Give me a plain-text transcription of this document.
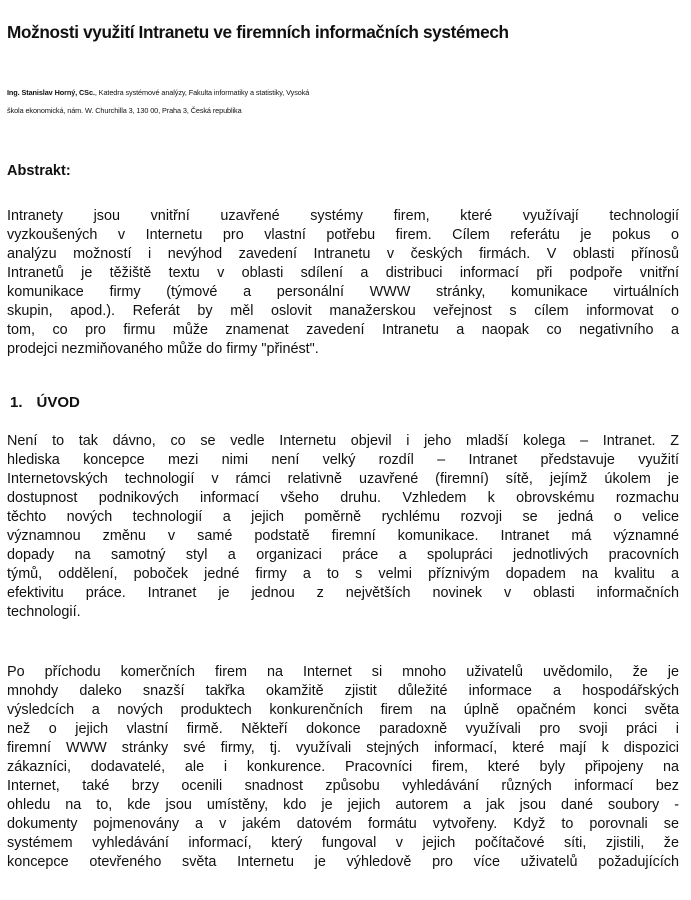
Možnosti využití Intranetu ve firemních informačních systémech
Ing. Stanislav Horný, CSc., Katedra systémové analýzy, Fakulta informatiky a statistiky, Vysoká
škola ekonomická, nám. W. Churchilla 3, 130 00, Praha 3, Česká republika
Abstrakt:
Intranety jsou vnitřní uzavřené systémy firem, které využívají technologií
vyzkoušených v Internetu pro vlastní potřebu firem. Cílem referátu je pokus o
analýzu možností i nevýhod zavedení Intranetu v českých firmách. V oblasti přínosů
Intranetů je těžiště textu v oblasti sdílení a distribuci informací při podpoře vnitřní
komunikace firmy (týmové a personální WWW stránky, komunikace virtuálních
skupin, apod.). Referát by měl oslovit manažerskou veřejnost s cílem informovat o
tom, co pro firmu může znamenat zavedení Intranetu a naopak co negativního a
prodejci nezmiňovaného může do firmy "přinést".
1. ÚVOD
Není to tak dávno, co se vedle Internetu objevil i jeho mladší kolega – Intranet. Z
hlediska koncepce mezi nimi není velký rozdíl – Intranet představuje využití
Internetovských technologií v rámci relativně uzavřené (firemní) sítě, jejímž úkolem je
dostupnost podnikových informací všeho druhu. Vzhledem k obrovskému rozmachu
těchto nových technologií a jejich poměrně rychlému rozvoji se jedná o velice
významnou změnu v samé podstatě firemní komunikace. Intranet má významné
dopady na samotný styl a organizaci práce a spolupráci jednotlivých pracovních
týmů, oddělení, poboček jedné firmy a to s velmi příznivým dopadem na kvalitu a
efektivitu práce. Intranet je jednou z největších novinek v oblasti informačních
technologií.
Po příchodu komerčních firem na Internet si mnoho uživatelů uvědomilo, že je
mnohdy daleko snazší takřka okamžitě zjistit důležité informace a hospodářských
výsledcích a nových produktech konkurenčních firem na úplně opačném konci světa
než o jejich vlastní firmě. Někteří dokonce paradoxně využívali pro svoji práci i
firemní WWW stránky své firmy, tj. využívali stejných informací, které mají k dispozici
zákazníci, dodavatelé, ale i konkurence. Pracovníci firem, které byly připojeny na
Internet, také brzy ocenili snadnost způsobu vyhledávání různých informací bez
ohledu na to, kde jsou umístěny, kdo je jejich autorem a jak jsou dané soubory -
dokumenty pojmenovány a v jakém datovém formátu vytvořeny. Když to porovnali se
systémem vyhledávání informací, který fungoval v jejich počítačové síti, zjistili, že
koncepce otevřeného světa Internetu je výhledově pro více uživatelů požadujících
